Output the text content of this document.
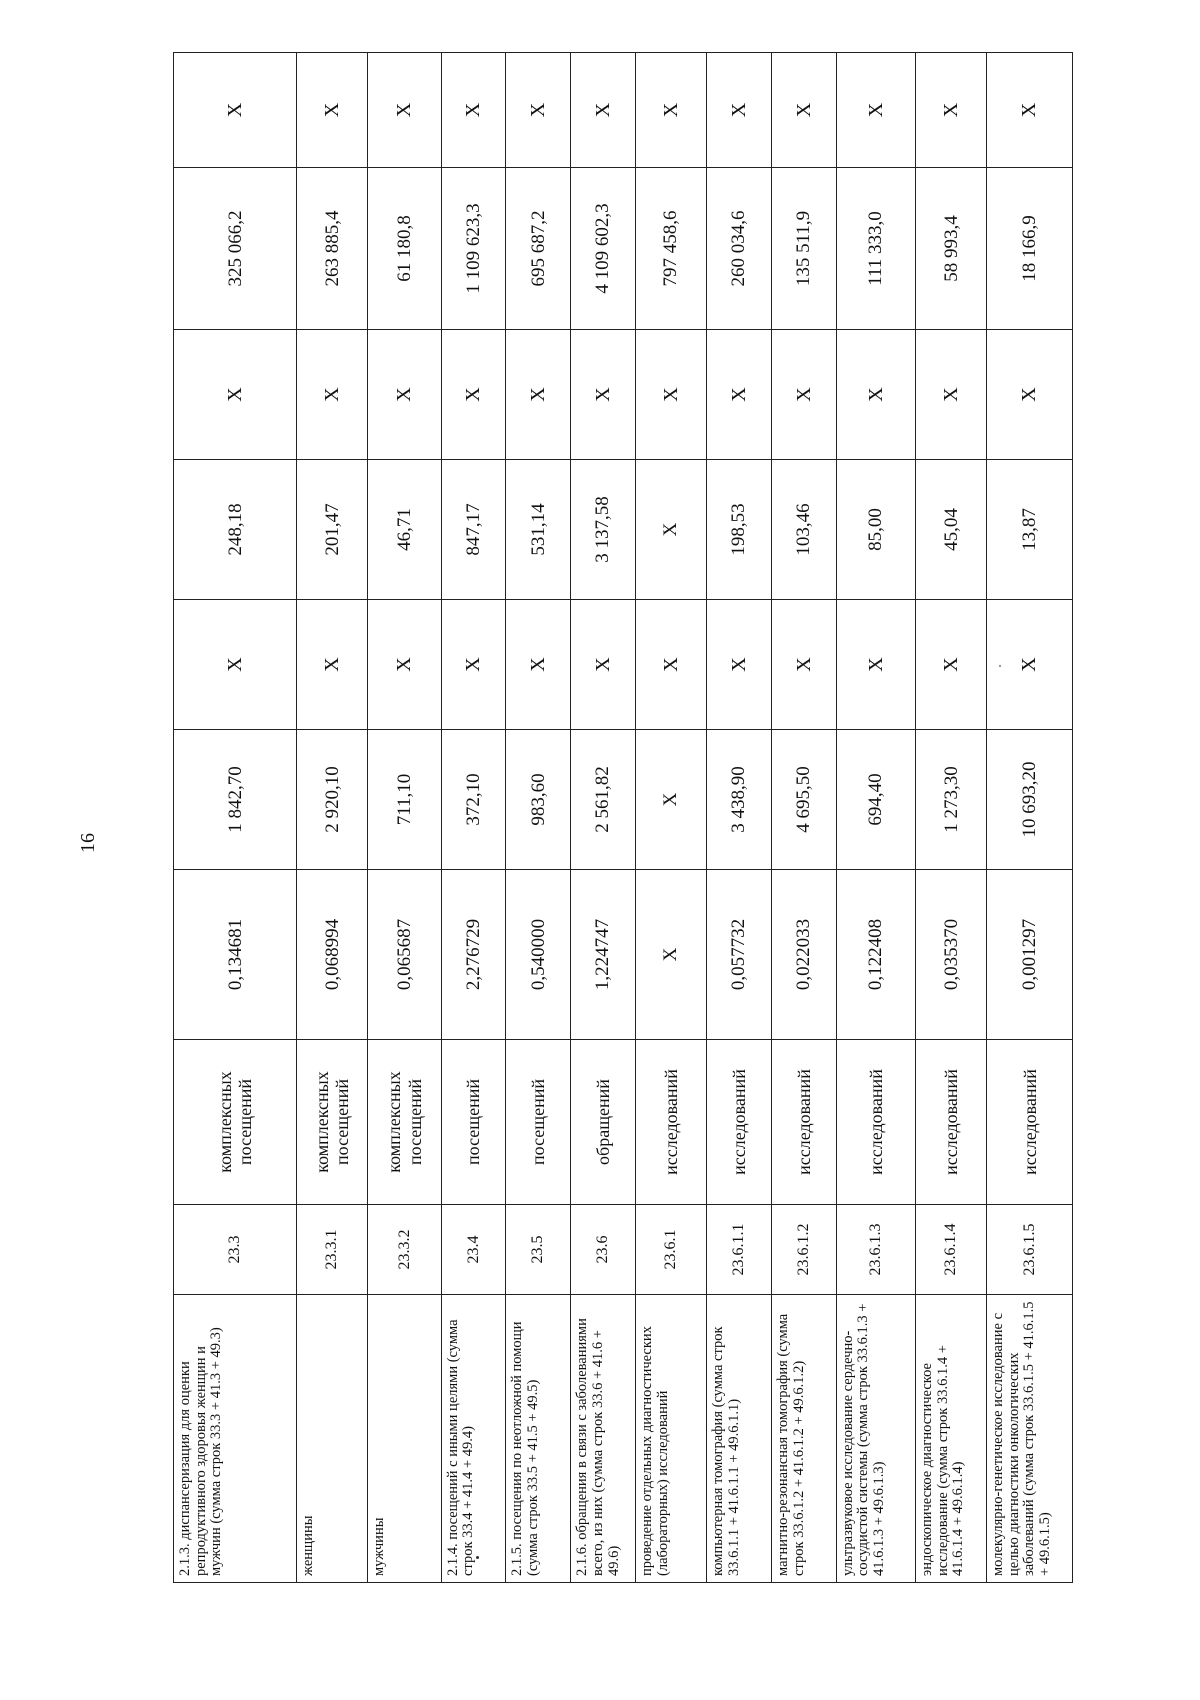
16
2.1.3. диспансеризация для оценки репродуктивного здоровья женщин и мужчин (сумма строк 33.3 + 41.3 + 49.3)	23.3	комплексных посещений	0,134681	1 842,70	Х	248,18	Х	325 066,2	Х
женщины	23.3.1	комплексных посещений	0,068994	2 920,10	Х	201,47	Х	263 885,4	Х
мужчины	23.3.2	комплексных посещений	0,065687	711,10	Х	46,71	Х	61 180,8	Х
2.1.4. посещений с иными целями (сумма строк 33.4 + 41.4 + 49.4)	23.4	посещений	2,276729	372,10	Х	847,17	Х	1 109 623,3	Х
2.1.5. посещения по неотложной помощи (сумма строк 33.5 + 41.5 + 49.5)	23.5	посещений	0,540000	983,60	Х	531,14	Х	695 687,2	Х
2.1.6. обращения в связи с заболеваниями всего, из них (сумма строк 33.6 + 41.6 + 49.6)	23.6	обращений	1,224747	2 561,82	Х	3 137,58	Х	4 109 602,3	Х
проведение отдельных диагностических (лабораторных) исследований	23.6.1	исследований	Х	Х	Х	Х	Х	797 458,6	Х
компьютерная томография (сумма строк 33.6.1.1 + 41.6.1.1 + 49.6.1.1)	23.6.1.1	исследований	0,057732	3 438,90	Х	198,53	Х	260 034,6	Х
магнитно-резонансная томография (сумма строк 33.6.1.2 + 41.6.1.2 + 49.6.1.2)	23.6.1.2	исследований	0,022033	4 695,50	Х	103,46	Х	135 511,9	Х
ультразвуковое исследование сердечно-сосудистой системы (сумма строк 33.6.1.3 + 41.6.1.3 + 49.6.1.3)	23.6.1.3	исследований	0,122408	694,40	Х	85,00	Х	111 333,0	Х
эндоскопическое диагностическое исследование (сумма строк 33.6.1.4 + 41.6.1.4 + 49.6.1.4)	23.6.1.4	исследований	0,035370	1 273,30	Х	45,04	Х	58 993,4	Х
молекулярно-генетическое исследование с целью диагностики онкологических заболеваний (сумма строк 33.6.1.5 + 41.6.1.5 + 49.6.1.5)	23.6.1.5	исследований	0,001297	10 693,20	Х	13,87	Х	18 166,9	Х
